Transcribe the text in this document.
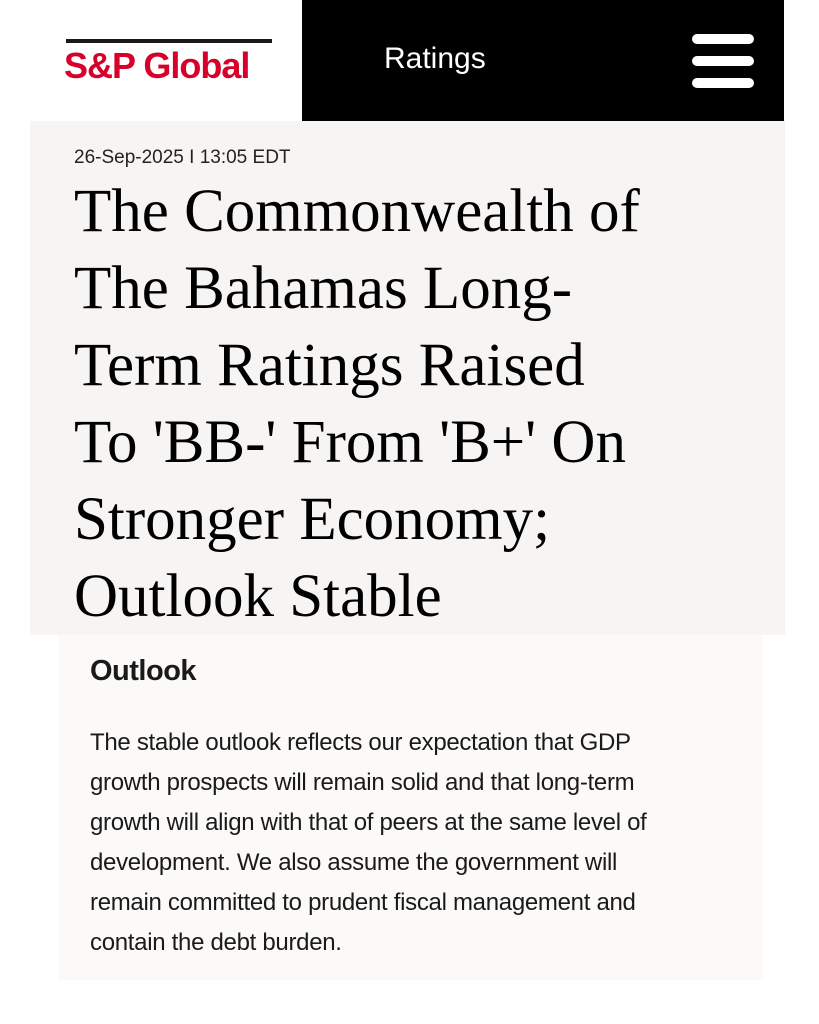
S&P Global	Ratings
26-Sep-2025 I 13:05 EDT
The Commonwealth of
The Bahamas Long-
Term Ratings Raised
To 'BB-' From 'B+' On
Stronger Economy;
Outlook Stable
Outlook

The stable outlook reflects our expectation that GDP
growth prospects will remain solid and that long-term
growth will align with that of peers at the same level of
development. We also assume the government will
remain committed to prudent fiscal management and
contain the debt burden.
